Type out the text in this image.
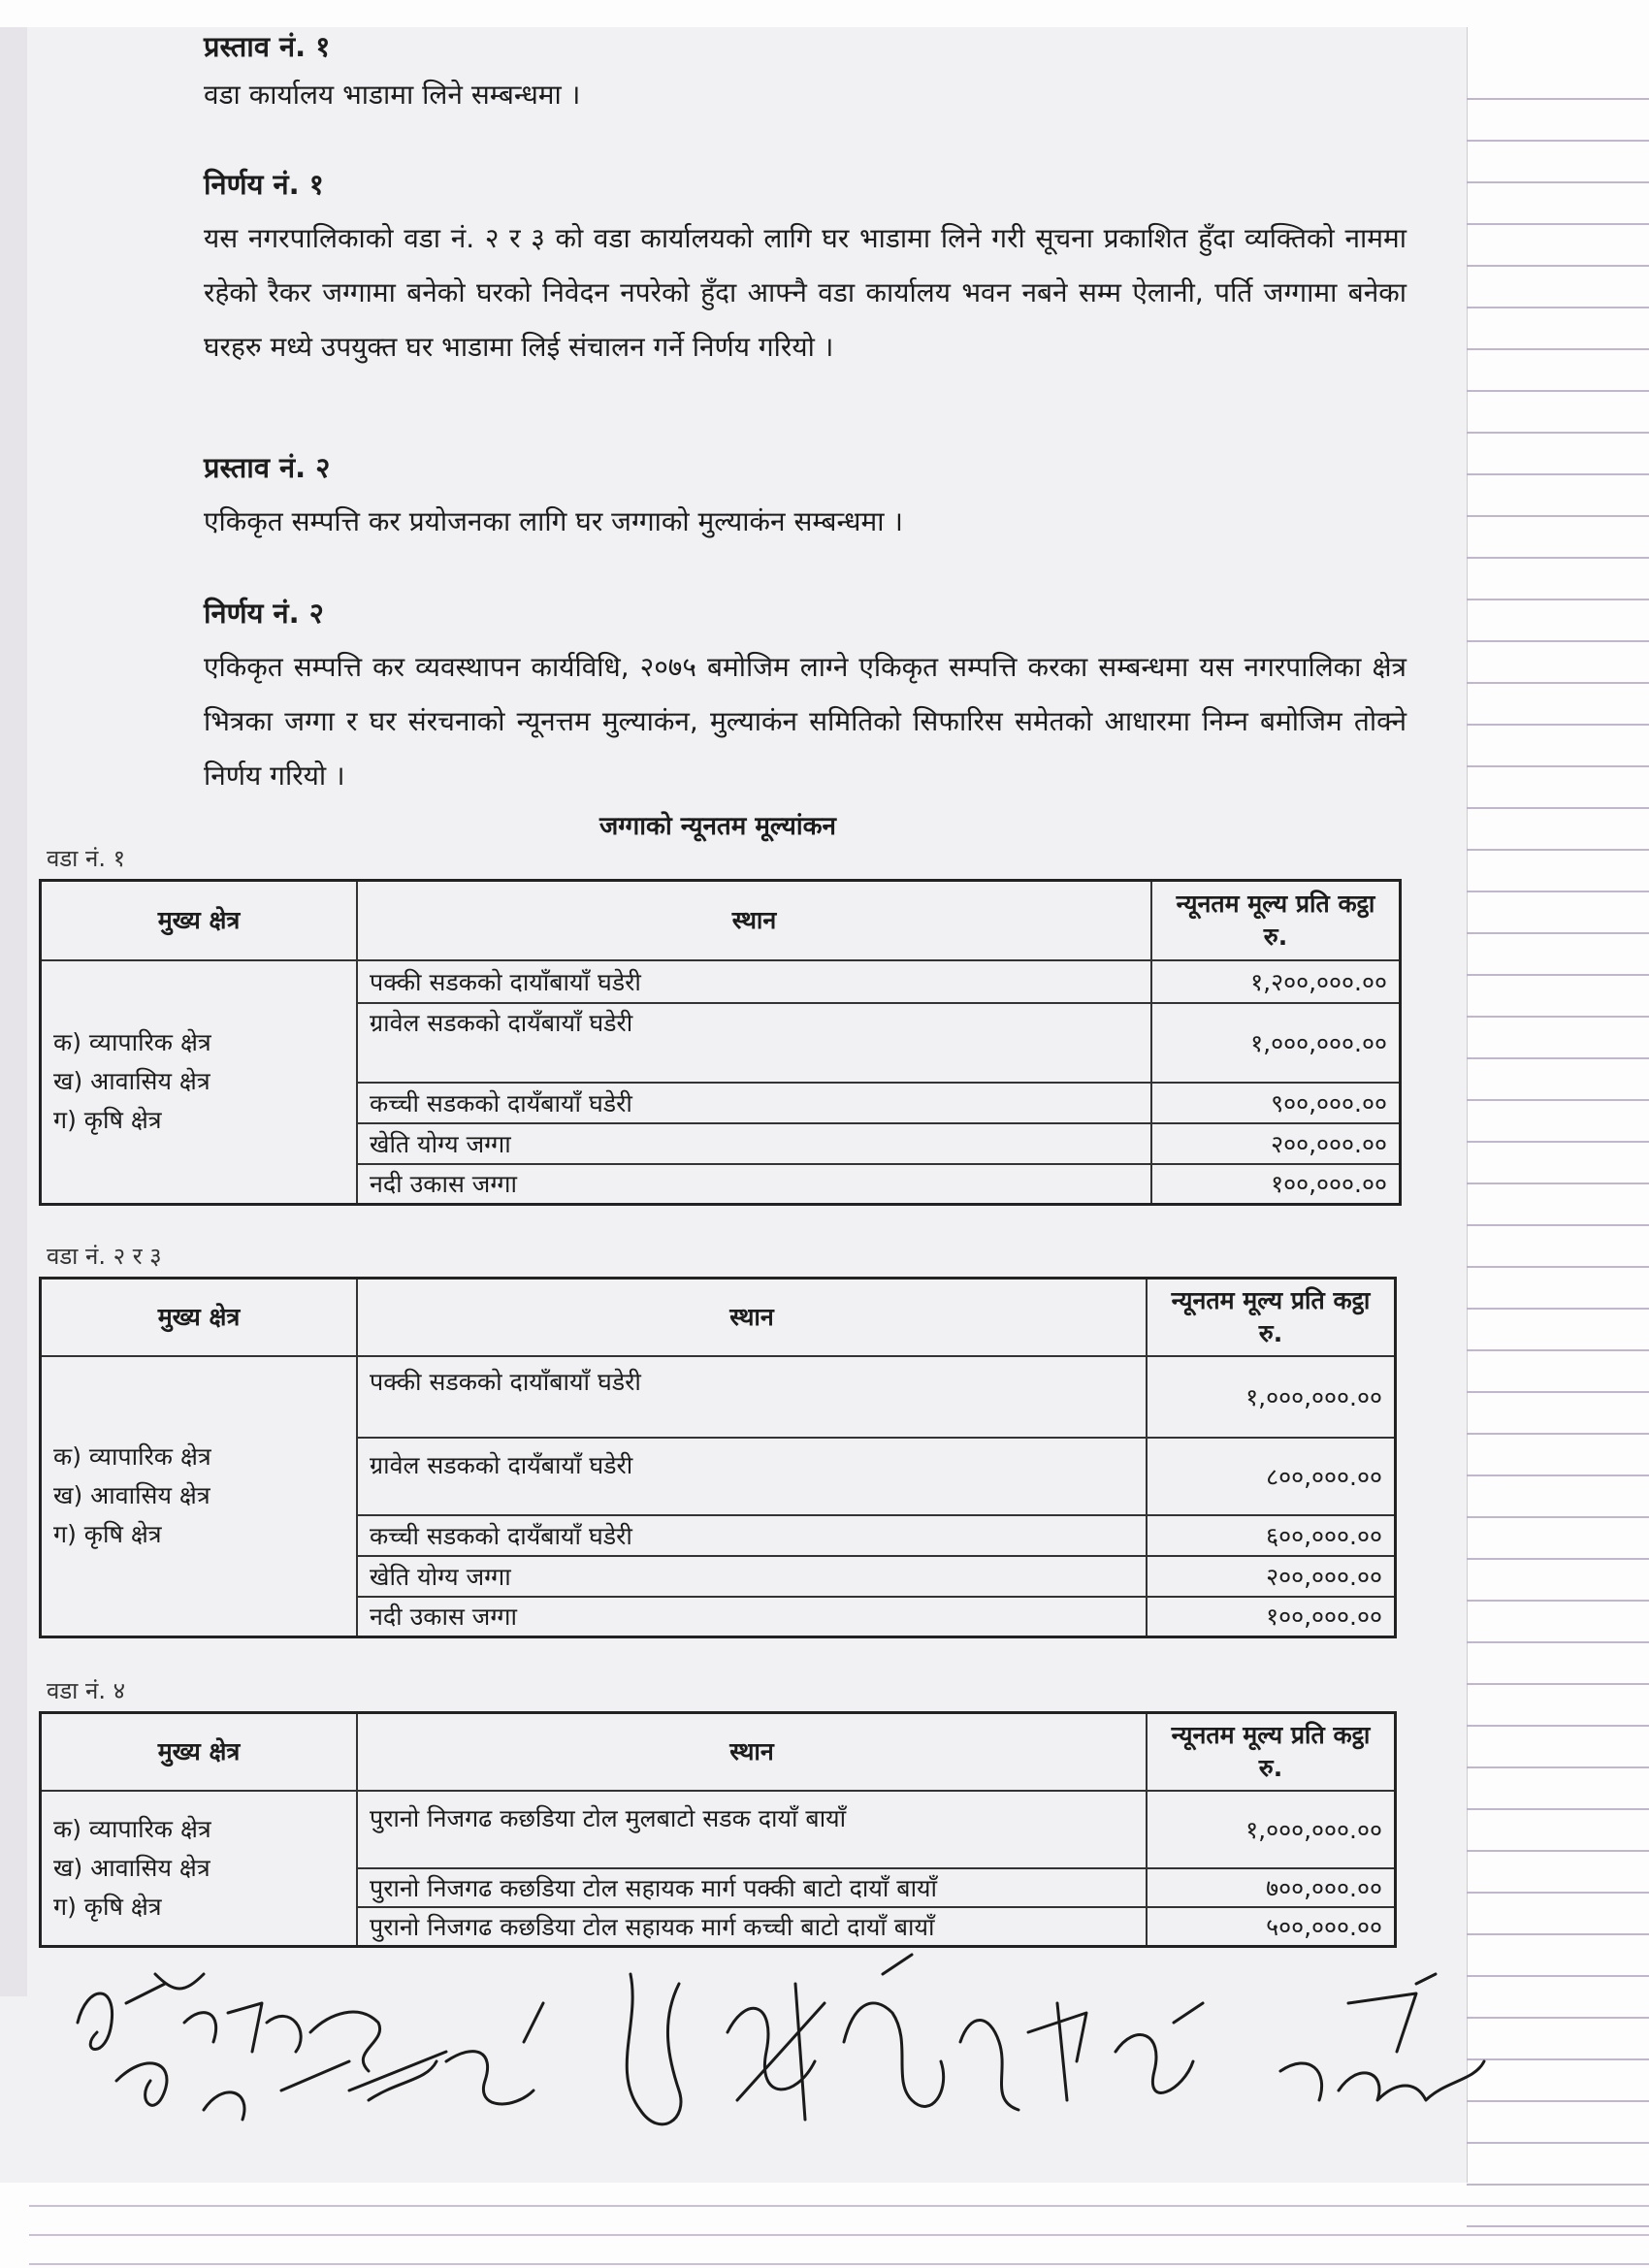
प्रस्ताव नं. १
वडा कार्यालय भाडामा लिने सम्बन्धमा ।
निर्णय नं. १
यस नगरपालिकाको वडा नं. २ र ३ को वडा कार्यालयको लागि घर भाडामा लिने गरी सूचना प्रकाशित हुँदा व्यक्तिको नाममा रहेको रैकर जग्गामा बनेको घरको निवेदन नपरेको हुँदा आफ्नै वडा कार्यालय भवन नबने सम्म ऐलानी, पर्ति जग्गामा बनेका घरहरु मध्ये उपयुक्त घर भाडामा लिई संचालन गर्ने निर्णय गरियो ।
प्रस्ताव नं. २
एकिकृत सम्पत्ति कर प्रयोजनका लागि घर जग्गाको मुल्याकंन सम्बन्धमा ।
निर्णय नं. २
एकिकृत सम्पत्ति कर व्यवस्थापन कार्यविधि, २०७५ बमोजिम लाग्ने एकिकृत सम्पत्ति करका सम्बन्धमा यस नगरपालिका क्षेत्र भित्रका जग्गा र घर संरचनाको न्यूनत्तम मुल्याकंन, मुल्याकंन समितिको सिफारिस समेतको आधारमा निम्न बमोजिम तोक्ने निर्णय गरियो ।
जग्गाको न्यूनतम मूल्यांकन
वडा नं. १
मुख्य क्षेत्र	स्थान	न्यूनतम मूल्य प्रति कट्ठा रु.

क) व्यापारिक क्षेत्र
ख) आवासिय क्षेत्र
ग) कृषि क्षेत्र	पक्की सडकको दायाँबायाँ घडेरी	१,२००,०००.००
	ग्रावेल सडकको दायँबायाँ घडेरी	१,०००,०००.००
	कच्ची सडकको दायँबायाँ घडेरी	९००,०००.००
	खेति योग्य जग्गा	२००,०००.००
	नदी उकास जग्गा	१००,०००.००
वडा नं. २ र ३
मुख्य क्षेत्र	स्थान	न्यूनतम मूल्य प्रति कट्ठा रु.

क) व्यापारिक क्षेत्र
ख) आवासिय क्षेत्र
ग) कृषि क्षेत्र	पक्की सडकको दायाँबायाँ घडेरी	१,०००,०००.००
	ग्रावेल सडकको दायँबायाँ घडेरी	८००,०००.००
	कच्ची सडकको दायँबायाँ घडेरी	६००,०००.००
	खेति योग्य जग्गा	२००,०००.००
	नदी उकास जग्गा	१००,०००.००
वडा नं. ४
मुख्य क्षेत्र	स्थान	न्यूनतम मूल्य प्रति कट्ठा रु.

क) व्यापारिक क्षेत्र
ख) आवासिय क्षेत्र
ग) कृषि क्षेत्र	पुरानो निजगढ कछडिया टोल मुलबाटो सडक दायाँ बायाँ	१,०००,०००.००
	पुरानो निजगढ कछडिया टोल सहायक मार्ग पक्की बाटो दायाँ बायाँ	७००,०००.००
	पुरानो निजगढ कछडिया टोल सहायक मार्ग कच्ची बाटो दायाँ बायाँ	५००,०००.००
